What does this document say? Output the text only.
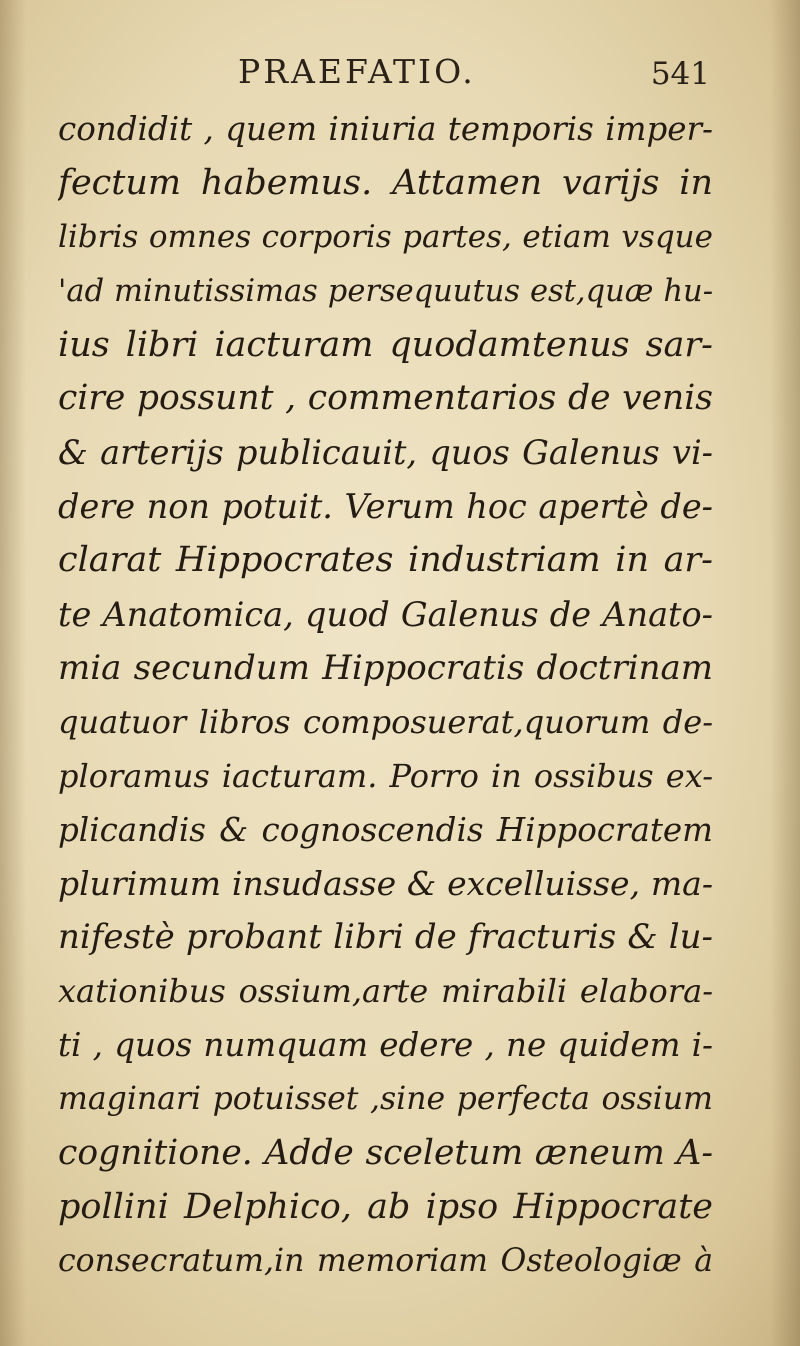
PRAEFATIO.	541
condidit , quem iniuria temporis imper-
fectum habemus. Attamen varijs in
libris omnes corporis partes, etiam vsque
'ad minutissimas persequutus est,quæ hu-
ius libri iacturam quodamtenus sar-
cire possunt , commentarios de venis
& arterijs publicauit, quos Galenus vi-
dere non potuit. Verum hoc apertè de-
clarat Hippocrates industriam in ar-
te Anatomica, quod Galenus de Anato-
mia secundum Hippocratis doctrinam
quatuor libros composuerat,quorum de-
ploramus iacturam. Porro in ossibus ex-
plicandis & cognoscendis Hippocratem
plurimum insudasse & excelluisse, ma-
nifestè probant libri de fracturis & lu-
xationibus ossium,arte mirabili elabora-
ti , quos numquam edere , ne quidem i-
maginari potuisset ,sine perfecta ossium
cognitione. Adde sceletum æneum A-
pollini Delphico, ab ipso Hippocrate
consecratum,in memoriam Osteologiæ à
